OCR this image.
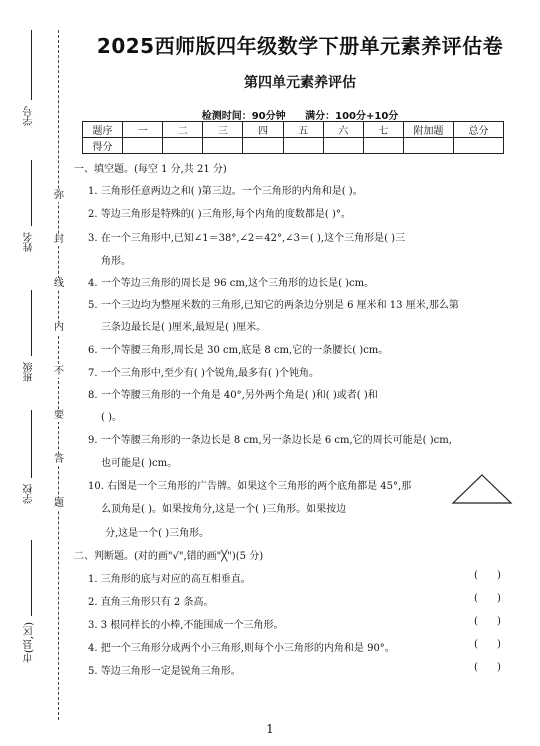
弥
封
线
内
不
要
答
题
学号
姓名
班级
学校
市(县,区)
2025西师版四年级数学下册单元素养评估卷
第四单元素养评估
检测时间：90分钟 满分：100分+10分
题序	一	二	三	四	五	六	七	附加题	总分
得分									
一、填空题。(每空 1 分,共 21 分)
1. 三角形任意两边之和( )第三边。一个三角形的内角和是( )。
2. 等边三角形是特殊的( )三角形,每个内角的度数都是( )°。
3. 在一个三角形中,已知∠1＝38°,∠2＝42°,∠3＝( ),这个三角形是( )三
角形。
4. 一个等边三角形的周长是 96 cm,这个三角形的边长是( )cm。
5. 一个三边均为整厘米数的三角形,已知它的两条边分别是 6 厘米和 13 厘米,那么第
三条边最长是( )厘米,最短是( )厘米。
6. 一个等腰三角形,周长是 30 cm,底是 8 cm,它的一条腰长( )cm。
7. 一个三角形中,至少有( )个锐角,最多有( )个钝角。
8. 一个等腰三角形的一个角是 40°,另外两个角是( )和( )或者( )和
( )。
9. 一个等腰三角形的一条边长是 8 cm,另一条边长是 6 cm,它的周长可能是( )cm,
也可能是( )cm。
10. 右图是一个三角形的广告牌。如果这个三角形的两个底角都是 45°,那
么顶角是( )。如果按角分,这是一个( )三角形。如果按边
分,这是一个( )三角形。
二、判断题。(对的画"√",错的画"╳")(5 分)
1. 三角形的底与对应的高互相垂直。	(      )
2. 直角三角形只有 2 条高。	(      )
3. 3 根同样长的小棒,不能围成一个三角形。	(      )
4. 把一个三角形分成两个小三角形,则每个小三角形的内角和是 90°。	(      )
5. 等边三角形一定是锐角三角形。	(      )
1
